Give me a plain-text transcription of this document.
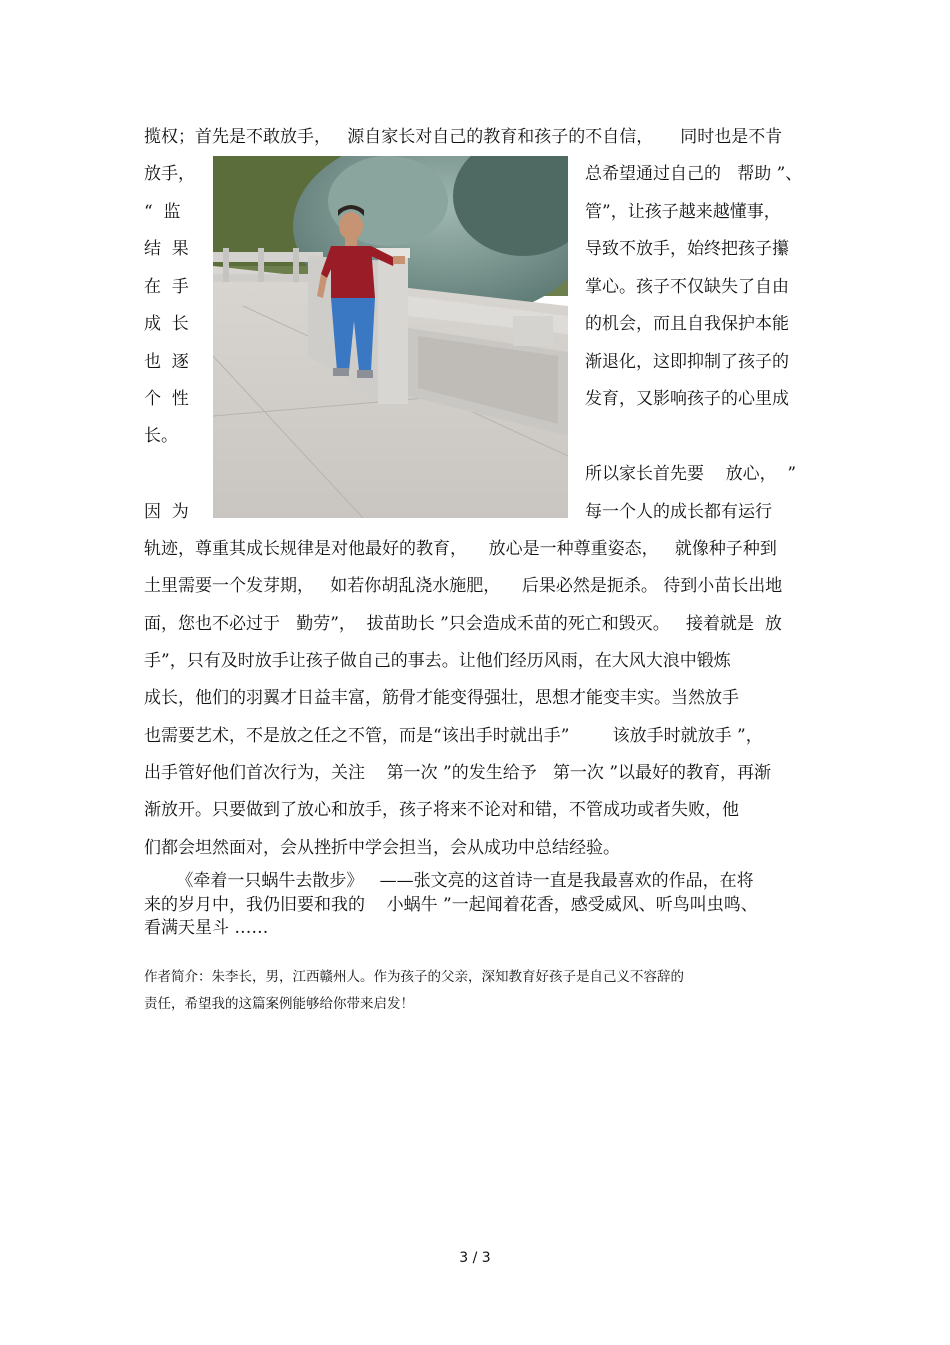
揽权；首先是不敢放手，   源自家长对自己的教育和孩子的不自信，     同时也是不肯
放手，
“  监
结  果
在  手
成  长
也  逐
个  性
长。
因  为
总希望通过自己的   帮助 ”、
管”，让孩子越来越懂事，
导致不放手，始终把孩子攥
掌心。孩子不仅缺失了自由
的机会，而且自我保护本能
渐退化，这即抑制了孩子的
发育，又影响孩子的心里成
所以家长首先要    放心，  ”
每一个人的成长都有运行
轨迹，尊重其成长规律是对他最好的教育，    放心是一种尊重姿态，   就像种子种到
土里需要一个发芽期，   如若你胡乱浇水施肥，    后果必然是扼杀。 待到小苗长出地
面，您也不必过于   勤劳”，  拔苗助长 ”只会造成禾苗的死亡和毁灭。   接着就是  放
手”，只有及时放手让孩子做自己的事去。让他们经历风雨，在大风大浪中锻炼
成长，他们的羽翼才日益丰富，筋骨才能变得强壮，思想才能变丰实。当然放手
也需要艺术，不是放之任之不管，而是“该出手时就出手”        该放手时就放手 ”，
出手管好他们首次行为，关注    第一次 ”的发生给予   第一次 ”以最好的教育，再渐
渐放开。只要做到了放心和放手，孩子将来不论对和错，不管成功或者失败，他
们都会坦然面对，会从挫折中学会担当，会从成功中总结经验。
《牵着一只蜗牛去散步》   ——张文亮的这首诗一直是我最喜欢的作品，在将
来的岁月中，我仍旧要和我的    小蜗牛 ”一起闻着花香，感受威风、听鸟叫虫鸣、
看满天星斗 ……
作者简介：朱李长，男，江西赣州人。作为孩子的父亲，深知教育好孩子是自己义不容辞的
责任，希望我的这篇案例能够给你带来启发！
3 / 3
